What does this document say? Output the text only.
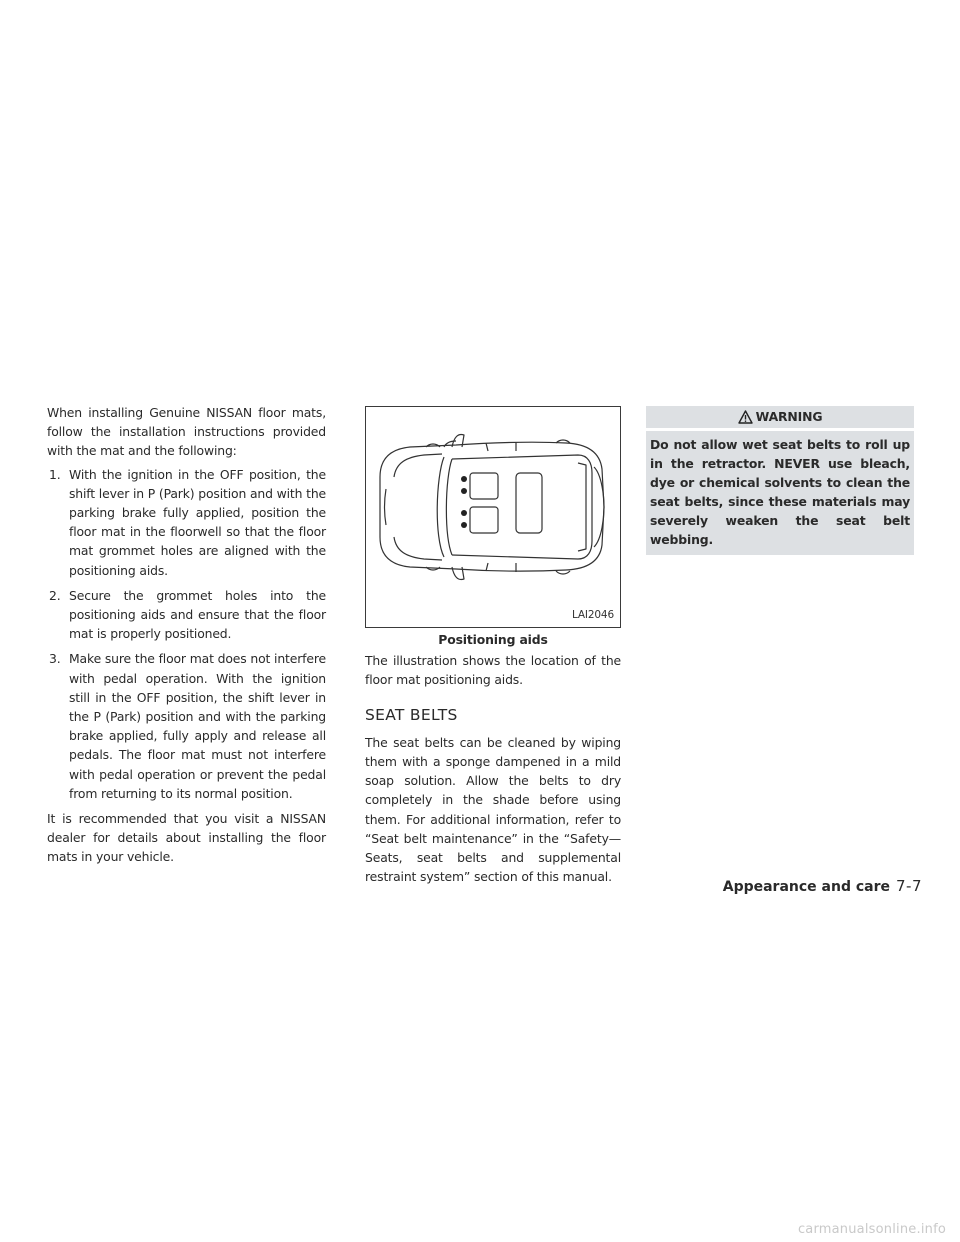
When installing Genuine NISSAN floor mats, follow the installation instructions provided with the mat and the following:

1. With the ignition in the OFF position, the shift lever in P (Park) position and with the parking brake fully applied, position the floor mat in the floorwell so that the floor mat grommet holes are aligned with the positioning aids.
2. Secure the grommet holes into the positioning aids and ensure that the floor mat is properly positioned.
3. Make sure the floor mat does not interfere with pedal operation. With the ignition still in the OFF position, the shift lever in the P (Park) position and with the parking brake applied, fully apply and release all pedals. The floor mat must not interfere with pedal operation or prevent the pedal from returning to its normal position.

It is recommended that you visit a NISSAN dealer for details about installing the floor mats in your vehicle.

LAI2046
Positioning aids

The illustration shows the location of the floor mat positioning aids.

SEAT BELTS

The seat belts can be cleaned by wiping them with a sponge dampened in a mild soap solution. Allow the belts to dry completely in the shade before using them. For additional information, refer to “Seat belt maintenance” in the “Safety—Seats, seat belts and supplemental restraint system” section of this manual.

WARNING
Do not allow wet seat belts to roll up in the retractor. NEVER use bleach, dye or chemical solvents to clean the seat belts, since these materials may severely weaken the seat belt webbing.
Appearance and care 7-7
carmanualsonline.info
